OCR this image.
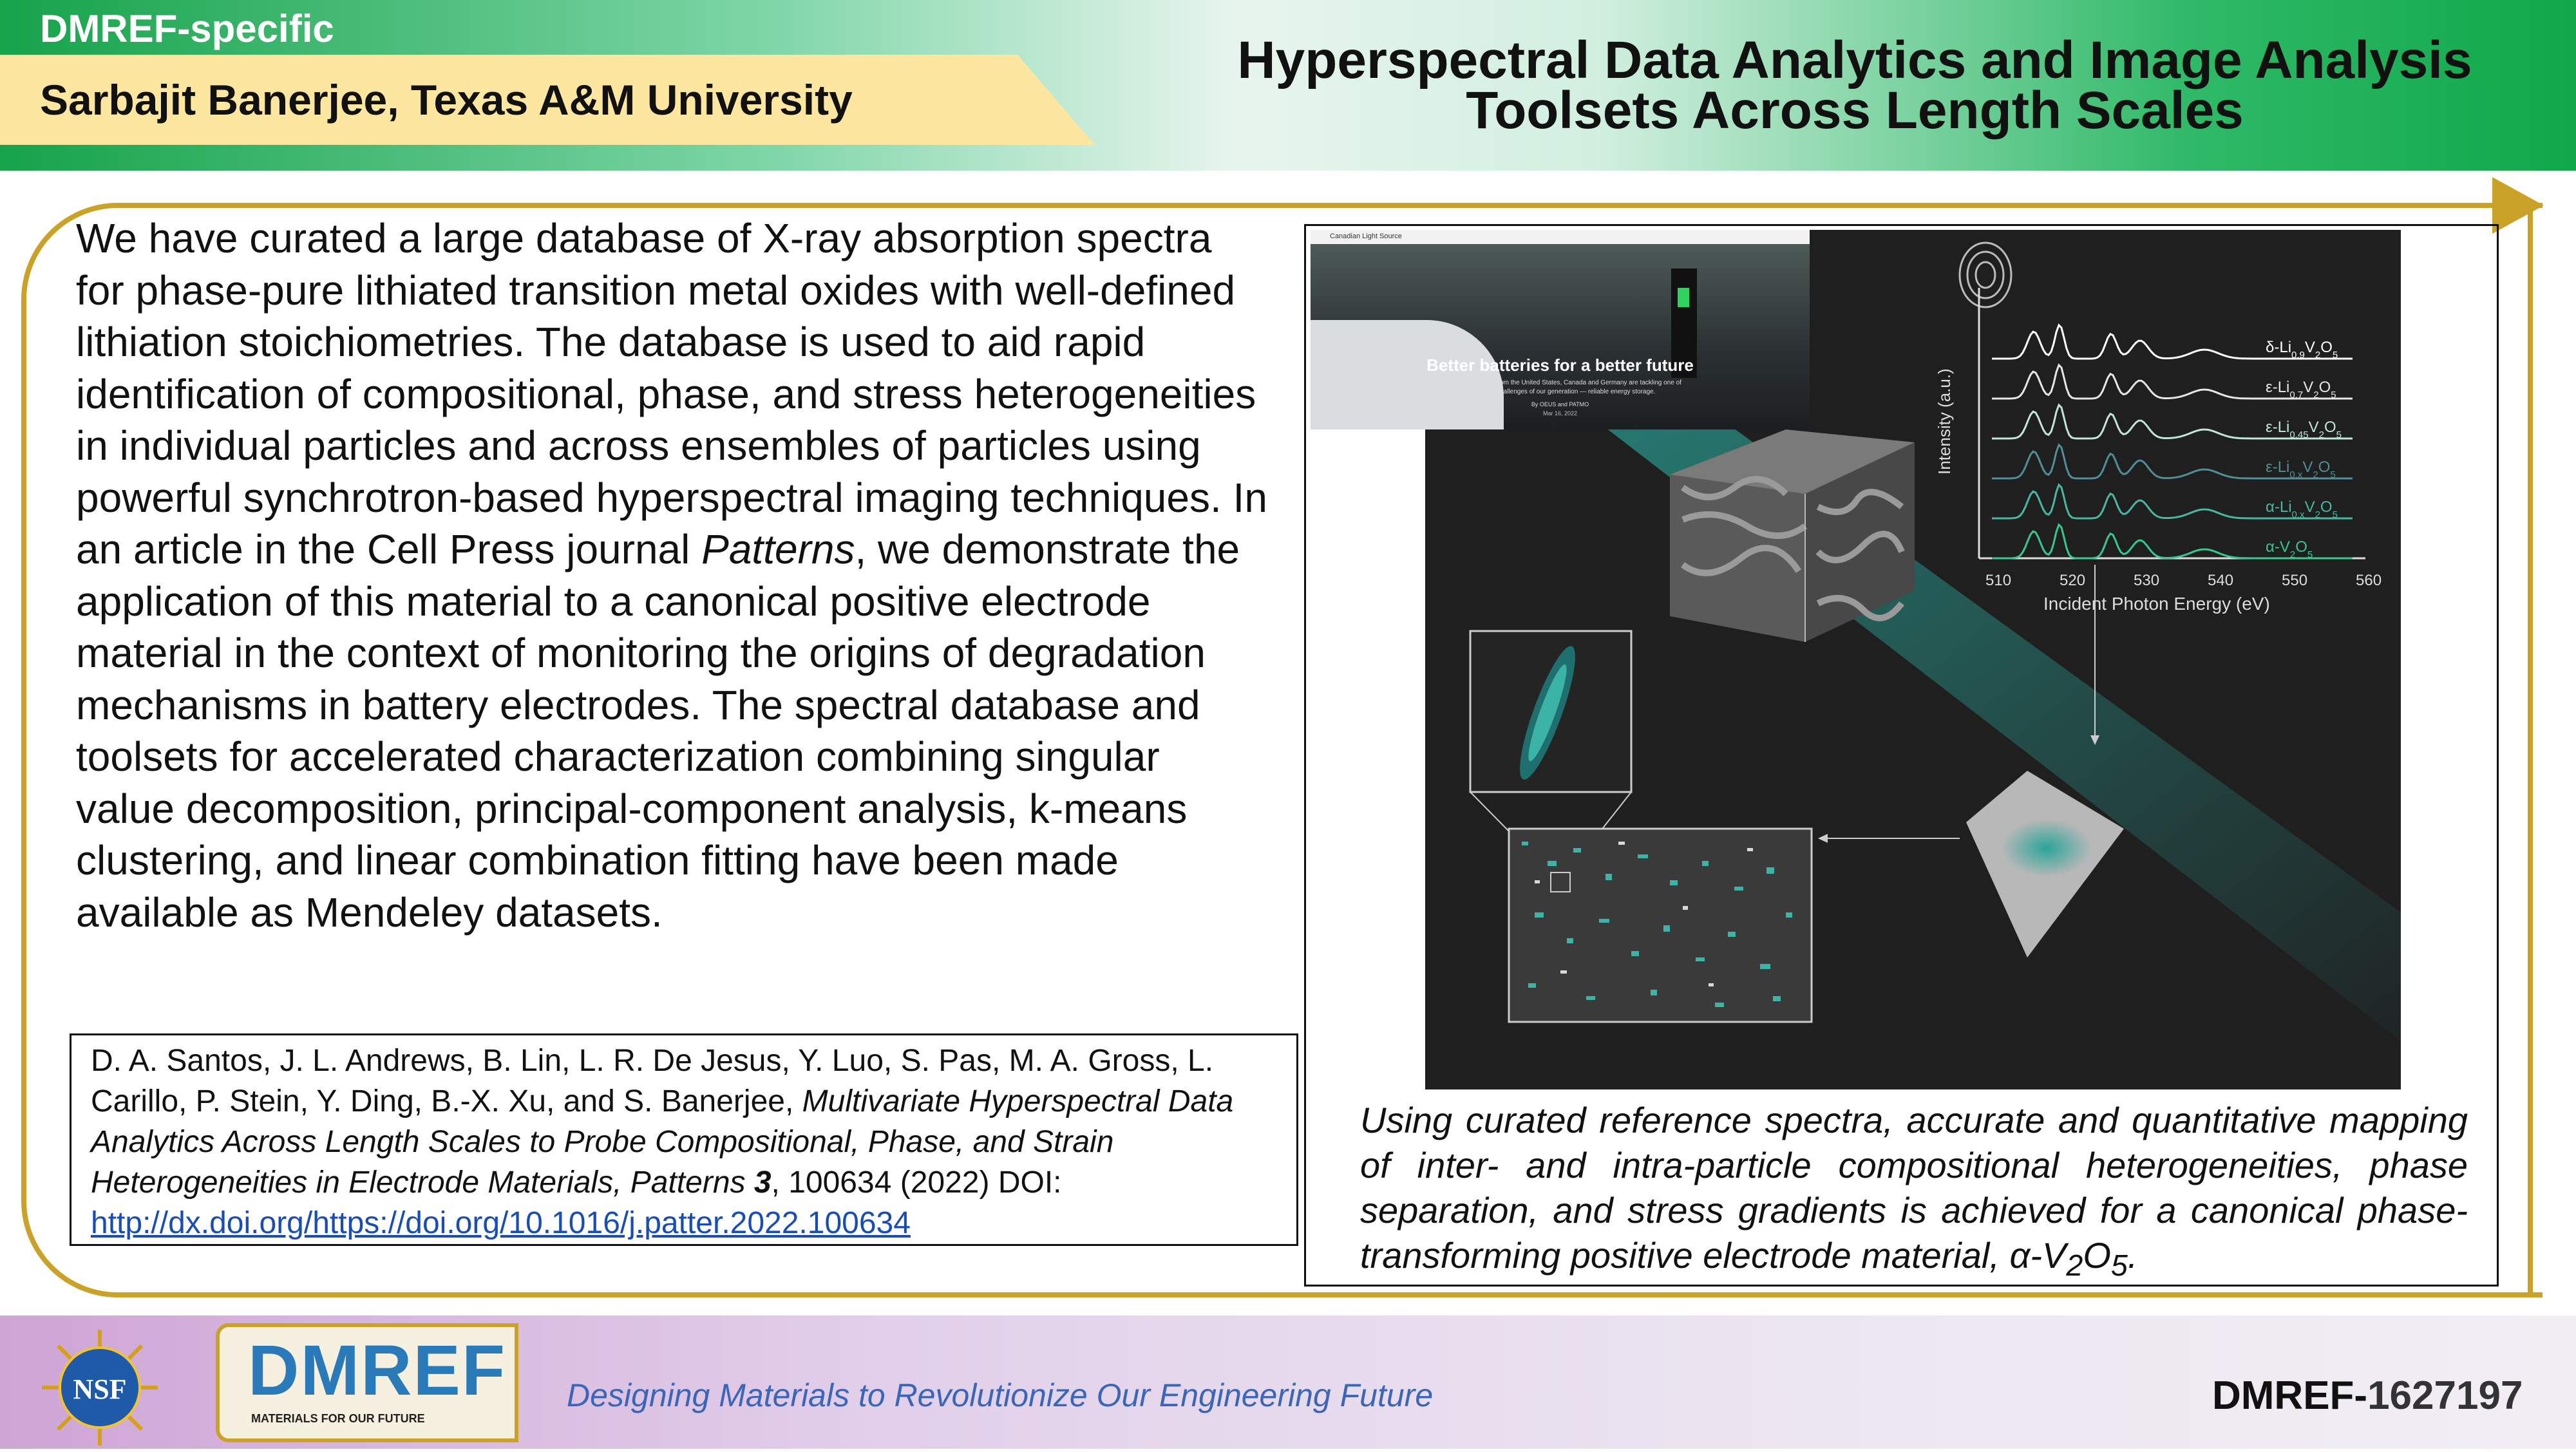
DMREF-specific
Sarbajit Banerjee, Texas A&M University
Hyperspectral Data Analytics and Image Analysis
Toolsets Across Length Scales

We have curated a large database of X-ray absorption spectra for phase-pure lithiated transition metal oxides with well-defined lithiation stoichiometries. The database is used to aid rapid identification of compositional, phase, and stress heterogeneities in individual particles and across ensembles of particles using powerful synchrotron-based hyperspectral imaging techniques. In an article in the Cell Press journal Patterns, we demonstrate the application of this material to a canonical positive electrode material in the context of monitoring the origins of degradation mechanisms in battery electrodes. The spectral database and toolsets for accelerated characterization combining singular value decomposition, principal-component analysis, k-means clustering, and linear combination fitting have been made available as Mendeley datasets.

D. A. Santos, J. L. Andrews, B. Lin, L. R. De Jesus, Y. Luo, S. Pas, M. A. Gross, L. Carillo, P. Stein, Y. Ding, B.-X. Xu, and S. Banerjee, Multivariate Hyperspectral Data Analytics Across Length Scales to Probe Compositional, Phase, and Strain Heterogeneities in Electrode Materials, Patterns 3, 100634 (2022) DOI:
http://dx.doi.org/https://doi.org/10.1016/j.patter.2022.100634
Intensity (a.u.)
Incident Photon Energy (eV)
510	520	530	540	550	560
$\delta-Li_{0.9}V_2O_5$
$\varepsilon-Li_{0.7}V_2O_5$
$\varepsilon-Li_{0.45}V_2O_5$
$\varepsilon-Li_{0.x}V_2O_5$
$\alpha-Li_{0.x}V_2O_5$
$\alpha-V_2O_5$
Canadian Light Source
Better batteries for a better future
A team of scientists from the United States, Canada and Germany are tackling one of
the largest challenges of our generation — reliable energy storage.
By OEUS and PATMO
Mar 16, 2022
Using curated reference spectra, accurate and quantitative mapping of inter- and intra-particle compositional heterogeneities, phase separation, and stress gradients is achieved for a canonical phase-transforming positive electrode material, $\alpha-V_2O_5$.
NSF DMREF
MATERIALS FOR OUR FUTURE
Designing Materials to Revolutionize Our Engineering Future	DMREF-1627197
